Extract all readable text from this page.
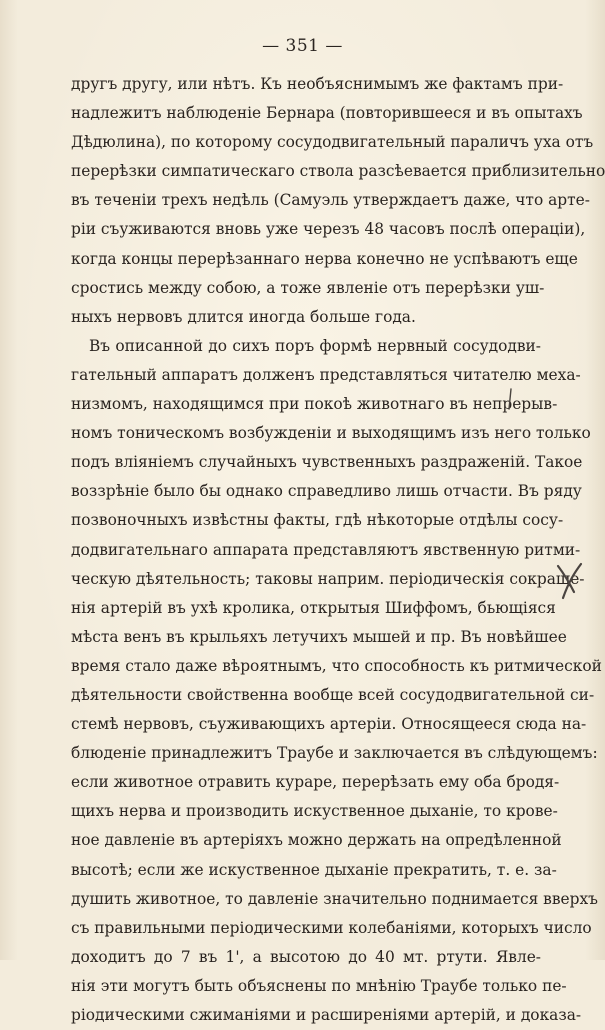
— 351 —
другъ другу, или нѣтъ. Къ необъяснимымъ же фактамъ при-
надлежитъ наблюденіе Бернара (повторившееся и въ опытахъ
Дѣдюлина), по которому сосудодвигательный параличъ уха отъ
перерѣзки симпатическаго ствола разсѣевается приблизительно
въ теченіи трехъ недѣль (Самуэль утверждаетъ даже, что арте-
ріи съуживаются вновь уже черезъ 48 часовъ послѣ операціи),
когда концы перерѣзаннаго нерва конечно не успѣваютъ еще
сростись между собою, а тоже явленіе отъ перерѣзки уш-
ныхъ нервовъ длится иногда больше года.
Въ описанной до сихъ поръ формѣ нервный сосудодви-
гательный аппаратъ долженъ представляться читателю меха-
низмомъ, находящимся при покоѣ животнаго въ непрерыв-
номъ тоническомъ возбужденіи и выходящимъ изъ него только
подъ вліяніемъ случайныхъ чувственныхъ раздраженій. Такое
воззрѣніе было бы однако справедливо лишь отчасти. Въ ряду
позвоночныхъ извѣстны факты, гдѣ нѣкоторые отдѣлы сосу-
додвигательнаго аппарата представляютъ явственную ритми-
ческую дѣятельность; таковы наприм. періодическія сокраще-
нія артерій въ ухѣ кролика, открытыя Шиффомъ, бьющіяся
мѣста венъ въ крыльяхъ летучихъ мышей и пр. Въ новѣйшее
время стало даже вѣроятнымъ, что способность къ ритмической
дѣятельности свойственна вообще всей сосудодвигательной си-
стемѣ нервовъ, съуживающихъ артеріи. Относящееся сюда на-
блюденіе принадлежитъ Траубе и заключается въ слѣдующемъ:
если животное отравить кураре, перерѣзать ему оба бродя-
щихъ нерва и производить искуственное дыханіе, то крове-
ное давленіе въ артеріяхъ можно держать на опредѣленной
высотѣ; если же искуственное дыханіе прекратить, т. е. за-
душить животное, то давленіе значительно поднимается вверхъ
съ правильными періодическими колебаніями, которыхъ число
доходитъ до 7 въ 1', а высотою до 40 мт. ртути. Явле-
нія эти могутъ быть объяснены по мнѣнію Траубе только пе-
ріодическими сжиманіями и расширеніями артерій, и доказа-
